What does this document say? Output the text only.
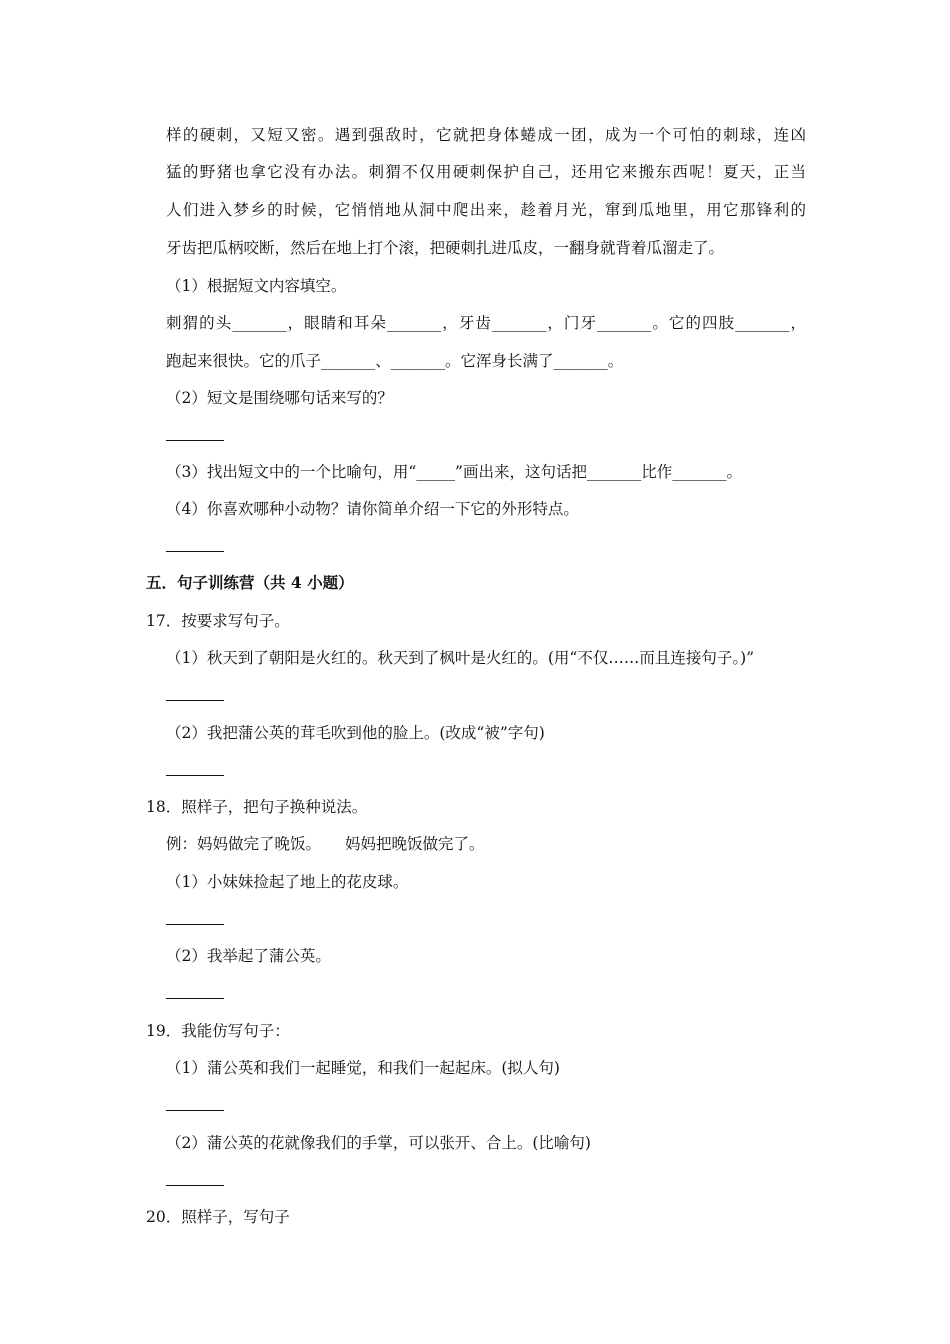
样的硬刺，又短又密。遇到强敌时，它就把身体蜷成一团，成为一个可怕的刺球，连凶
猛的野猪也拿它没有办法。刺猬不仅用硬刺保护自己，还用它来搬东西呢！夏天，正当
人们进入梦乡的时候，它悄悄地从洞中爬出来，趁着月光，窜到瓜地里，用它那锋利的
牙齿把瓜柄咬断，然后在地上打个滚，把硬刺扎进瓜皮，一翻身就背着瓜溜走了。
（1）根据短文内容填空。
刺猬的头_______，眼睛和耳朵_______，牙齿_______，门牙_______。它的四肢_______，
跑起来很快。它的爪子_______、_______。它浑身长满了_______。
（2）短文是围绕哪句话来写的？
（3）找出短文中的一个比喻句，用“_____”画出来，这句话把_______比作_______。
（4）你喜欢哪种小动物？请你简单介绍一下它的外形特点。
五．句子训练营（共 4 小题）
17．按要求写句子。
（1）秋天到了朝阳是火红的。秋天到了枫叶是火红的。(用“不仅……而且连接句子。)”
（2）我把蒲公英的茸毛吹到他的脸上。(改成“被”字句)
18．照样子，把句子换种说法。
例：妈妈做完了晚饭。 妈妈把晚饭做完了。
（1）小妹妹捡起了地上的花皮球。
（2）我举起了蒲公英。
19．我能仿写句子：
（1）蒲公英和我们一起睡觉，和我们一起起床。(拟人句)
（2）蒲公英的花就像我们的手掌，可以张开、合上。(比喻句)
20．照样子，写句子
